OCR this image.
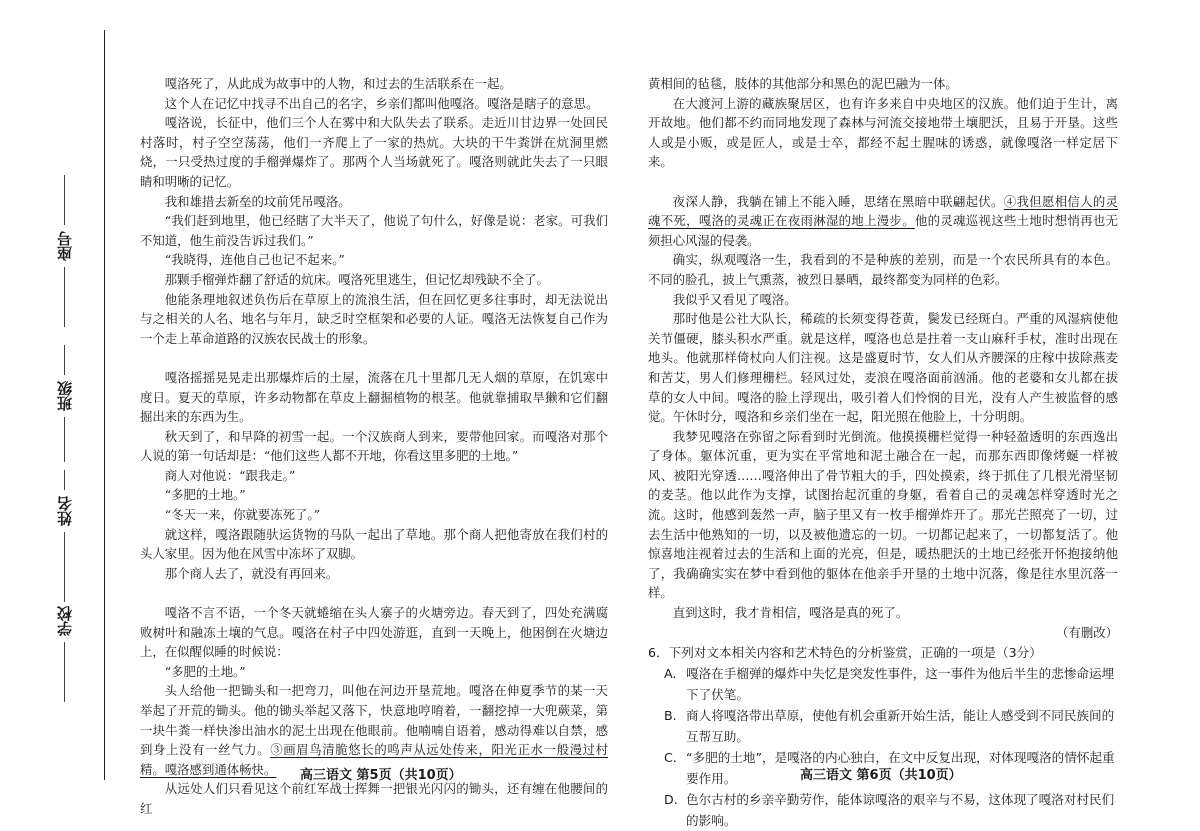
座号
班级
姓名
学校

嘎洛死了，从此成为故事中的人物，和过去的生活联系在一起。

这个人在记忆中找寻不出自己的名字，乡亲们都叫他嘎洛。嘎洛是瞎子的意思。

嘎洛说，长征中，他们三个人在雾中和大队失去了联系。走近川甘边界一处回民村落时，村子空空荡荡，他们一齐爬上了一家的热炕。大块的干牛粪饼在炕洞里燃烧，一只受热过度的手榴弹爆炸了。那两个人当场就死了。嘎洛则就此失去了一只眼睛和明晰的记忆。

我和雄措去新垒的坟前凭吊嘎洛。

“我们赶到地里，他已经瞎了大半天了，他说了句什么，好像是说：老家。可我们不知道，他生前没告诉过我们。”

“我晓得，连他自己也记不起来。”

那颗手榴弹炸翻了舒适的炕床。嘎洛死里逃生，但记忆却残缺不全了。

他能条理地叙述负伤后在草原上的流浪生活，但在回忆更多往事时，却无法说出与之相关的人名、地名与年月，缺乏时空框架和必要的人证。嘎洛无法恢复自己作为一个走上革命道路的汉族农民战士的形象。

嘎洛摇摇晃晃走出那爆炸后的土屋，流落在几十里都几无人烟的草原，在饥寒中度日。夏天的草原，许多动物都在草皮上翻掘植物的根茎。他就靠捕取旱獭和它们翻掘出来的东西为生。

秋天到了，和早降的初雪一起。一个汉族商人到来，要带他回家。而嘎洛对那个人说的第一句话却是：“他们这些人都不开地，你看这里多肥的土地。”

商人对他说：“跟我走。”

“多肥的土地。”

“冬天一来，你就要冻死了。”

就这样，嘎洛跟随驮运货物的马队一起出了草地。那个商人把他寄放在我们村的头人家里。因为他在风雪中冻坏了双脚。

那个商人去了，就没有再回来。

嘎洛不言不语，一个冬天就蜷缩在头人寨子的火塘旁边。春天到了，四处充满腐败树叶和融冻土壤的气息。嘎洛在村子中四处游逛，直到一天晚上，他困倒在火塘边上，在似醒似睡的时候说：

“多肥的土地。”

头人给他一把锄头和一把弯刀，叫他在河边开垦荒地。嘎洛在伸夏季节的某一天举起了开荒的锄头。他的锄头举起又落下，快意地哼唷着，一翻挖掉一大兜蕨菜，第一块牛粪一样快渗出油水的泥土出现在他眼前。他喃喃自语着，感动得难以自禁，感到身上没有一丝气力。③画眉鸟清脆悠长的鸣声从远处传来，阳光正水一般漫过村精。嘎洛感到通体畅快。

从远处人们只看见这个前红军战士挥舞一把银光闪闪的锄头，还有缠在他腰间的红

黄相间的毡毯，肢体的其他部分和黑色的泥巴融为一体。

在大渡河上游的藏族聚居区，也有许多来自中央地区的汉族。他们迫于生计，离开故地。他们都不约而同地发现了森林与河流交接地带土壤肥沃，且易于开垦。这些人或是小贩，或是匠人，或是士卒，都经不起土腥味的诱惑，就像嘎洛一样定居下来。

夜深人静，我躺在铺上不能入睡，思绪在黑暗中联翩起伏。④我但愿相信人的灵魂不死，嘎洛的灵魂正在夜雨淋湿的地上漫步。他的灵魂巡视这些土地时想悄再也无须担心风湿的侵袭。

确实，纵观嘎洛一生，我看到的不是种族的差别，而是一个农民所具有的本色。不同的脸孔，披上气熏蒸，被烈日暴晒，最终都变为同样的色彩。

我似乎又看见了嘎洛。

那时他是公社大队长，稀疏的长须变得苍黄，鬓发已经斑白。严重的风湿病使他关节僵硬，膝头积水严重。就是这样，嘎洛也总是拄着一支山麻秆手杖，准时出现在地头。他就那样倚杖向人们注视。这是盛夏时节，女人们从齐腰深的庄稼中拔除燕麦和苦艾，男人们修理栅栏。轻风过处，麦浪在嘎洛面前汹涌。他的老婆和女儿都在拔草的女人中间。嘎洛的脸上浮现出，吸引着人们怜悯的目光，没有人产生被监督的感觉。午休时分，嘎洛和乡亲们坐在一起，阳光照在他脸上，十分明朗。

我梦见嘎洛在弥留之际看到时光倒流。他摸摸栅栏觉得一种轻盈透明的东西逸出了身体。躯体沉重，更为实在平常地和泥土融合在一起，而那东西即像烤蜒一样被风、被阳光穿透……嘎洛伸出了骨节粗大的手，四处摸索，终于抓住了几根光滑坚韧的麦茎。他以此作为支撑，试图抬起沉重的身躯，看着自己的灵魂怎样穿透时光之流。这时，他感到轰然一声，脑子里又有一枚手榴弹炸开了。那光芒照亮了一切，过去生活中他熟知的一切，以及被他遗忘的一切。一切都记起来了，一切都复活了。他惊喜地注视着过去的生活和上面的光亮，但是，暖热肥沃的土地已经张开怀抱接纳他了，我确确实实在梦中看到他的躯体在他亲手开垦的土地中沉落，像是往水里沉落一样。

直到这时，我才肯相信，嘎洛是真的死了。

（有删改）

6．下列对文本相关内容和艺术特色的分析鉴赏，正确的一项是（3分）

A. 嘎洛在手榴弹的爆炸中失忆是突发性事件，这一事件为他后半生的悲惨命运埋下了伏笔。
B. 商人将嘎洛带出草原，使他有机会重新开始生活，能让人感受到不同民族间的互帮互助。
C. “多肥的土地”，是嘎洛的内心独白，在文中反复出现，对体现嘎洛的情怀起重要作用。
D. 色尔古村的乡亲辛勤劳作，能体谅嘎洛的艰辛与不易，这体现了嘎洛对村民们的影响。
高三语文 第5页（共10页）	高三语文 第6页（共10页）
